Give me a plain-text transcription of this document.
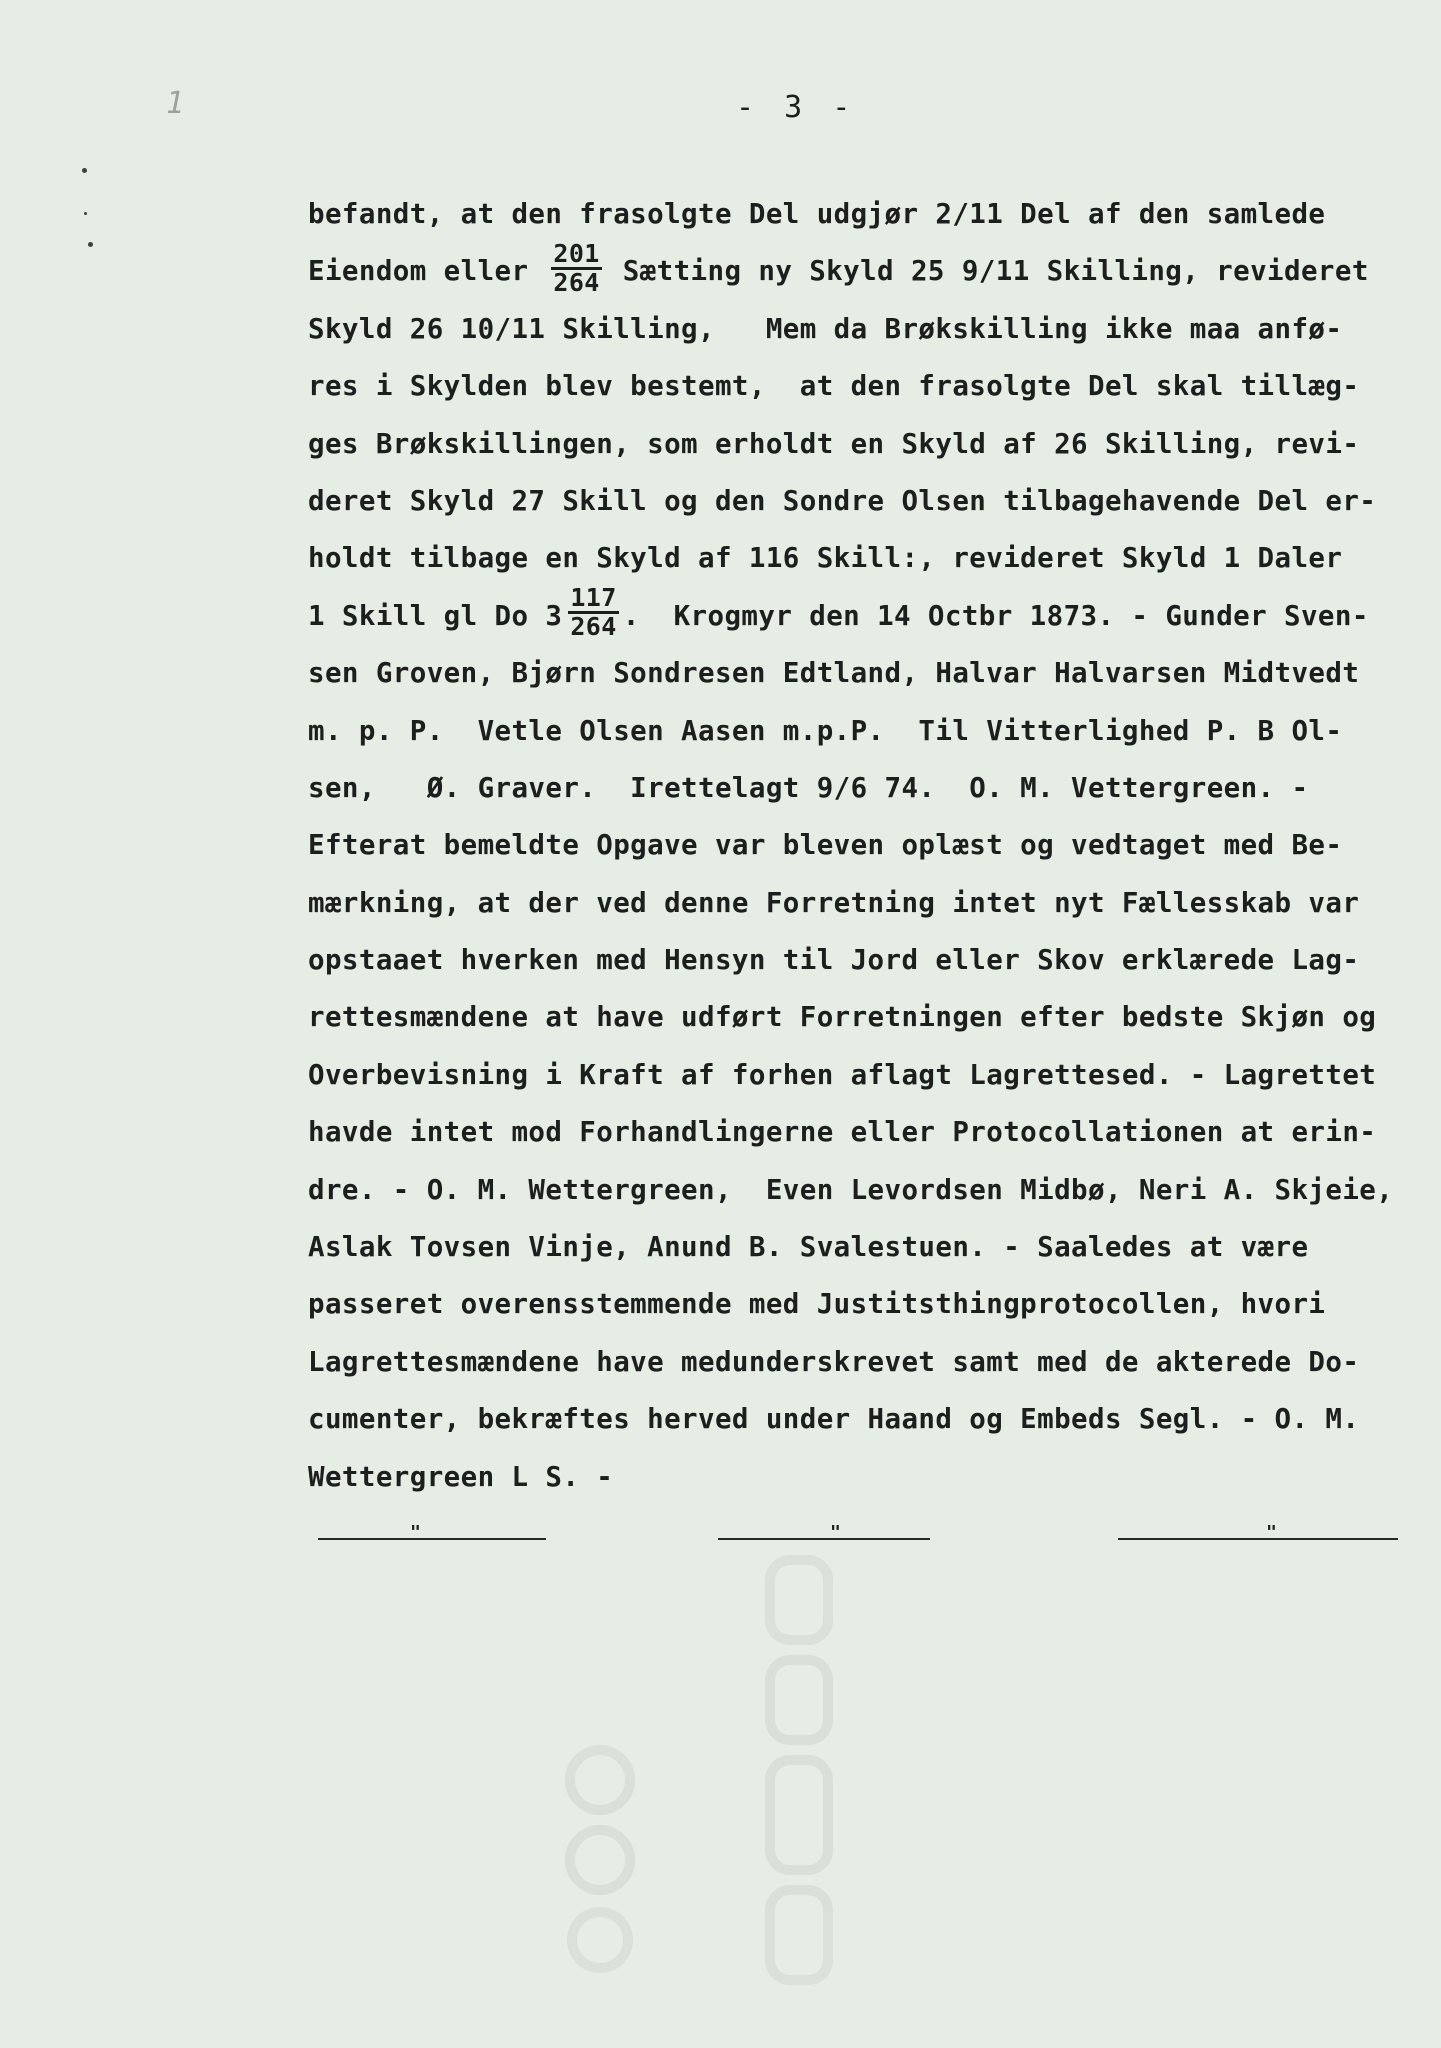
1	- 3 -
befandt, at den frasolgte Del udgjør 2/11 Del af den samlede
Eiendom eller $\frac{201}{264}$ Sætting ny Skyld 25 9/11 Skilling, revideret
Skyld 26 10/11 Skilling,   Mem da Brøkskilling ikke maa anfø-
res i Skylden blev bestemt,  at den frasolgte Del skal tillæg-
ges Brøkskillingen, som erholdt en Skyld af 26 Skilling, revi-
deret Skyld 27 Skill og den Sondre Olsen tilbagehavende Del er-
holdt tilbage en Skyld af 116 Skill:, revideret Skyld 1 Daler
1 Skill gl Do $3 \frac{117}{264}$ .  Krogmyr den 14 Octbr 1873. - Gunder Sven-
sen Groven, Bjørn Sondresen Edtland, Halvar Halvarsen Midtvedt
m. p. P.  Vetle Olsen Aasen m.p.P.  Til Vitterlighed P. B Ol-
sen,   Ø. Graver.  Irettelagt 9/6 74.  O. M. Vettergreen. -
Efterat bemeldte Opgave var bleven oplæst og vedtaget med Be-
mærkning, at der ved denne Forretning intet nyt Fællesskab var
opstaaet hverken med Hensyn til Jord eller Skov erklærede Lag-
rettesmændene at have udført Forretningen efter bedste Skjøn og
Overbevisning i Kraft af forhen aflagt Lagrettesed. - Lagrettet
havde intet mod Forhandlingerne eller Protocollationen at erin-
dre. - O. M. Wettergreen,  Even Levordsen Midbø, Neri A. Skjeie,
Aslak Tovsen Vinje, Anund B. Svalestuen. - Saaledes at være
passeret overensstemmende med Justitsthingprotocollen, hvori
Lagrettesmændene have medunderskrevet samt med de akterede Do-
cumenter, bekræftes herved under Haand og Embeds Segl. - O. M.
Wettergreen L S. -
"	"	"
